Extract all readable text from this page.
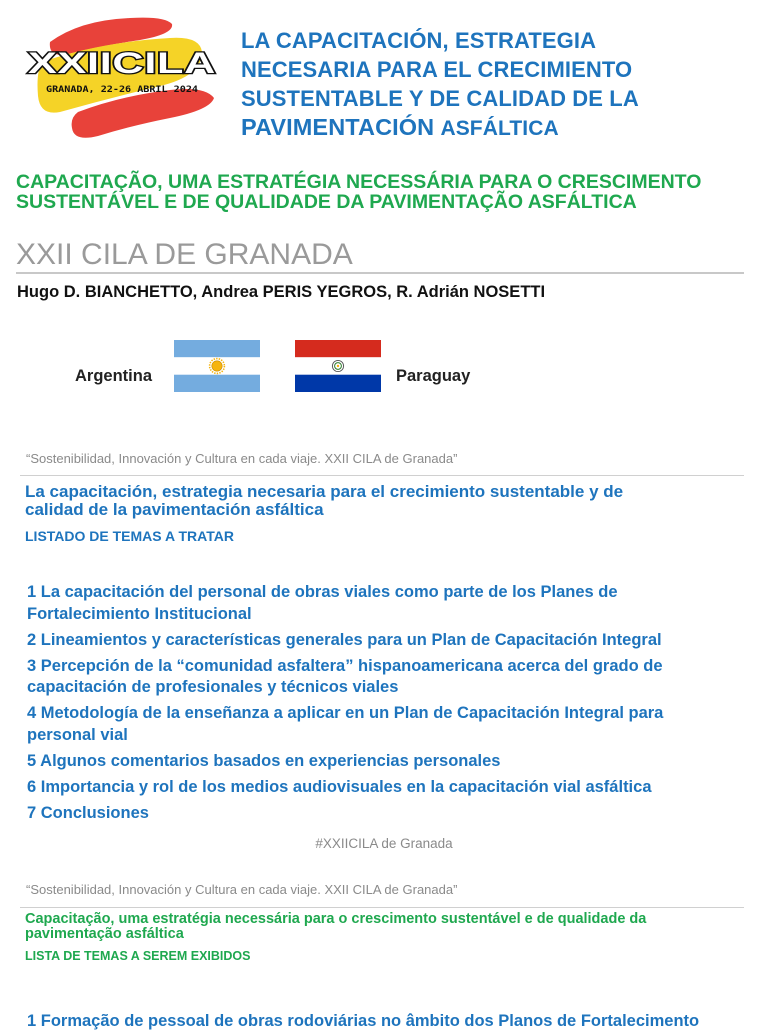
XXIICILA
GRANADA, 22-26 ABRIL 2024
LA CAPACITACIÓN, ESTRATEGIA
NECESARIA PARA EL CRECIMIENTO
SUSTENTABLE Y DE CALIDAD DE LA
PAVIMENTACIÓN ASFÁLTICA
CAPACITAÇÃO, UMA ESTRATÉGIA NECESSÁRIA PARA O CRESCIMENTO
SUSTENTÁVEL E DE QUALIDADE DA PAVIMENTAÇÃO ASFÁLTICA
XXII CILA DE GRANADA
Hugo D. BIANCHETTO, Andrea PERIS YEGROS, R. Adrián NOSETTI
Argentina	Paraguay
“Sostenibilidad, Innovación y Cultura en cada viaje. XXII CILA de Granada”
La capacitación, estrategia necesaria para el crecimiento sustentable y de
calidad de la pavimentación asfáltica
LISTADO DE TEMAS A TRATAR
1 La capacitación del personal de obras viales como parte de los Planes de
Fortalecimiento Institucional
2 Lineamientos y características generales para un Plan de Capacitación Integral
3 Percepción de la “comunidad asfaltera” hispanoamericana acerca del grado de
capacitación de profesionales y técnicos viales
4 Metodología de la enseñanza a aplicar en un Plan de Capacitación Integral para
personal vial
5 Algunos comentarios basados en experiencias personales
6 Importancia y rol de los medios audiovisuales en la capacitación vial asfáltica
7 Conclusiones
#XXIICILA de Granada
“Sostenibilidad, Innovación y Cultura en cada viaje. XXII CILA de Granada”
Capacitação, uma estratégia necessária para o crescimento sustentável e de qualidade da
pavimentação asfáltica
LISTA DE TEMAS A SEREM EXIBIDOS
1 Formação de pessoal de obras rodoviárias no âmbito dos Planos de Fortalecimento
